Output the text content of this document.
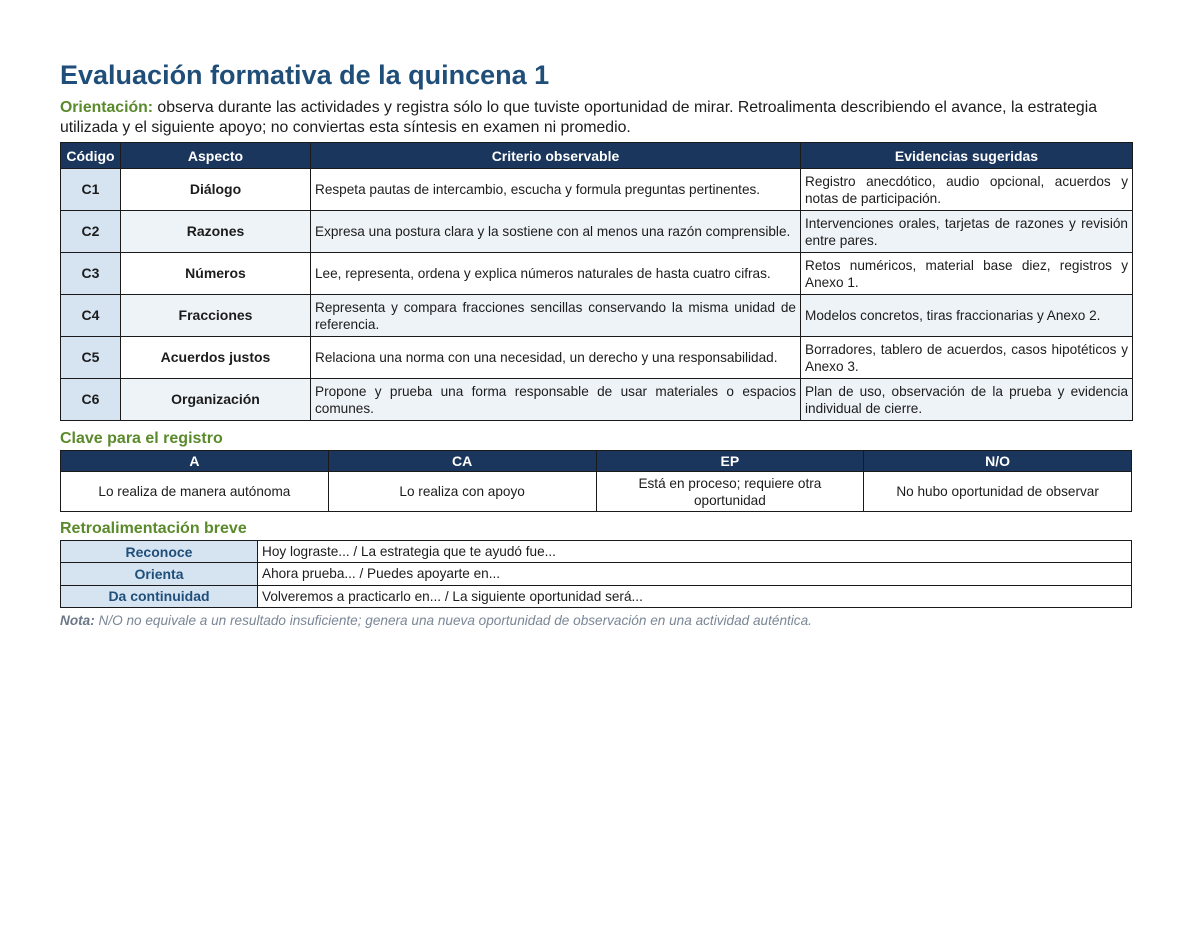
Evaluación formativa de la quincena 1

Orientación: observa durante las actividades y registra sólo lo que tuviste oportunidad de mirar. Retroalimenta describiendo el avance, la estrategia utilizada y el siguiente apoyo; no conviertas esta síntesis en examen ni promedio.

Código	Aspecto	Criterio observable	Evidencias sugeridas
C1	Diálogo	Respeta pautas de intercambio, escucha y formula preguntas pertinentes.	Registro anecdótico, audio opcional, acuerdos y notas de participación.
C2	Razones	Expresa una postura clara y la sostiene con al menos una razón comprensible.	Intervenciones orales, tarjetas de razones y revisión entre pares.
C3	Números	Lee, representa, ordena y explica números naturales de hasta cuatro cifras.	Retos numéricos, material base diez, registros y Anexo 1.
C4	Fracciones	Representa y compara fracciones sencillas conservando la misma unidad de referencia.	Modelos concretos, tiras fraccionarias y Anexo 2.
C5	Acuerdos justos	Relaciona una norma con una necesidad, un derecho y una responsabilidad.	Borradores, tablero de acuerdos, casos hipotéticos y Anexo 3.
C6	Organización	Propone y prueba una forma responsable de usar materiales o espacios comunes.	Plan de uso, observación de la prueba y evidencia individual de cierre.
Clave para el registro
A	CA	EP	N/O
Lo realiza de manera autónoma	Lo realiza con apoyo	Está en proceso; requiere otra oportunidad	No hubo oportunidad de observar
Retroalimentación breve
Reconoce	Hoy lograste... / La estrategia que te ayudó fue...
Orienta	Ahora prueba... / Puedes apoyarte en...
Da continuidad	Volveremos a practicarlo en... / La siguiente oportunidad será...

Nota: N/O no equivale a un resultado insuficiente; genera una nueva oportunidad de observación en una actividad auténtica.
